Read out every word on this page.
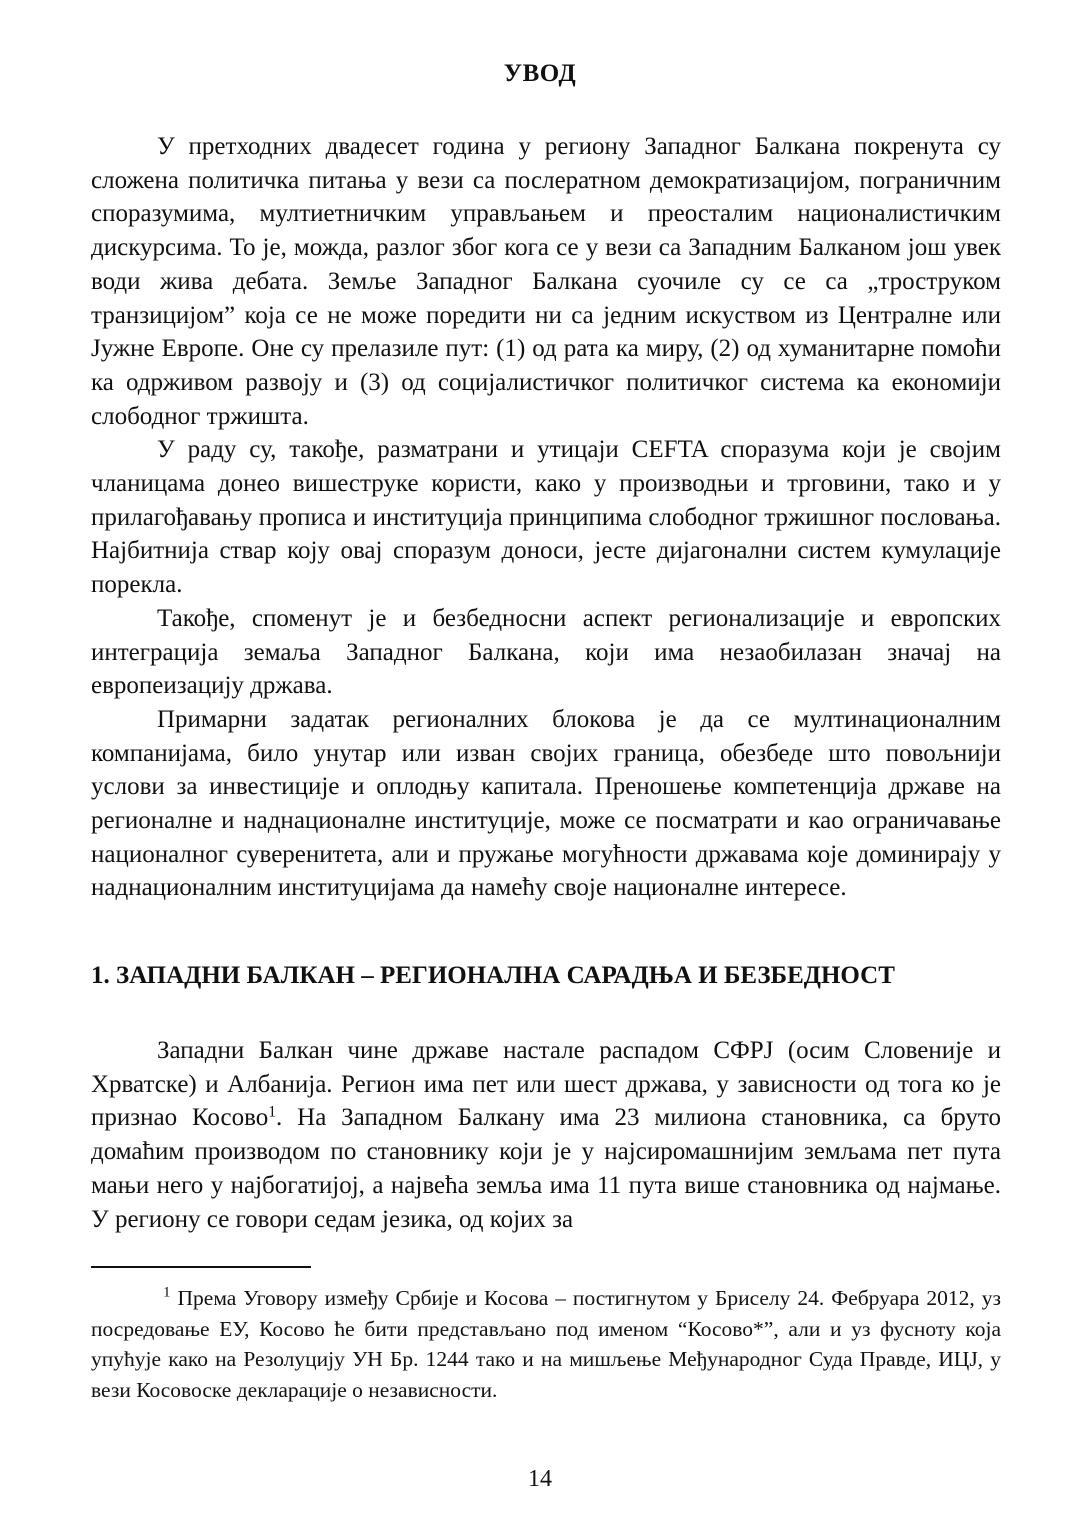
УВОД

У претходних двадесет година у региону Западног Балкана покренута су сложена политичка питања у вези са послератном демократизацијом, пограничним споразумима, мултиетничким управљањем и преосталим националистичким дискурсима. То је, можда, разлог због кога се у вези са Западним Балканом још увек води жива дебата. Земље Западног Балкана суочиле су се са „троструком транзицијом” која се не може поредити ни са једним искуством из Централне или Јужне Европе. Оне су прелазиле пут: (1) од рата ка миру, (2) од хуманитарне помоћи ка одрживом развоју и (3) од социјалистичког политичког система ка економији слободног тржишта.

У раду су, такође, разматрани и утицаји CEFTA споразума који је својим чланицама донео вишеструке користи, како у производњи и трговини, тако и у прилагођавању прописа и институција принципима слободног тржишног пословања. Најбитнија ствар коју овај споразум доноси, јесте дијагонални систем кумулације порекла.

Такође, споменут је и безбедносни аспект регионализације и европских интеграција земаља Западног Балкана, који има незаобилазан значај на европеизацију држава.

Примарни задатак регионалних блокова је да се мултинационалним компанијама, било унутар или изван својих граница, обезбеде што повољнији услови за инвестиције и оплодњу капитала. Преношење компетенција државе на регионалне и наднационалне институције, може се посматрати и као ограничавање националног суверенитета, али и пружање могућности државама које доминирају у наднационалним институцијама да намећу своје националне интересе.

1. ЗАПАДНИ БАЛКАН – РЕГИОНАЛНА САРАДЊА И БЕЗБЕДНОСТ

Западни Балкан чине државе настале распадом СФРЈ (осим Словеније и Хрватске) и Албанија. Регион има пет или шест држава, у зависности од тога ко је признао Косово$^1$. На Западном Балкану има 23 милиона становника, са бруто домаћим производом по становнику који је у најсиромашнијим земљама пет пута мањи него у најбогатијој, а највећа земља има 11 пута више становника од најмање. У региону се говори седам језика, од којих за

$^1$ Према Уговору између Србије и Косова – постигнутом у Бриселу 24. Фебруара 2012, уз посредовање ЕУ, Косово ће бити представљано под именом “Косово*”, али и уз фусноту која упућује како на Резолуцију УН Бр. 1244 тако и на мишљење Међународног Суда Правде, ИЦЈ, у вези Косовоске декларације о независности.
14
